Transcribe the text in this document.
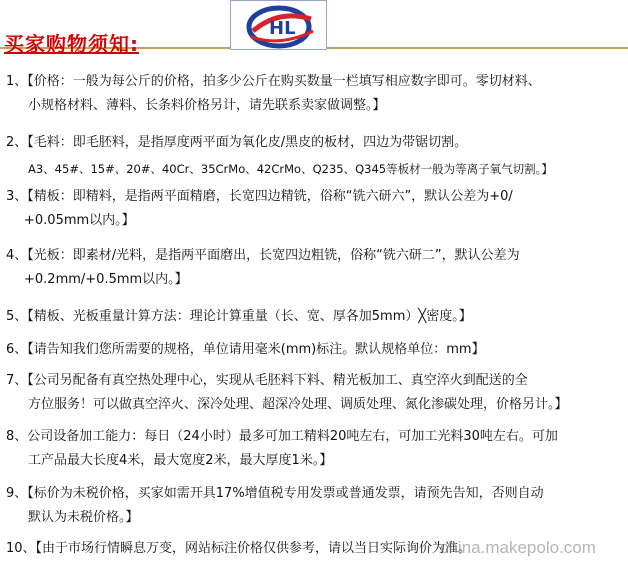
买家购物须知:
HL
1、【价格：一般为每公斤的价格，拍多少公斤在购买数量一栏填写相应数字即可。零切材料、
小规格材料、薄料、长条料价格另计，请先联系卖家做调整。】
2、【毛料：即毛胚料，是指厚度两平面为氧化皮/黑皮的板材，四边为带锯切割。
A3、45#、15#、20#、40Cr、35CrMo、42CrMo、Q235、Q345等板材一般为等离子氧气切割。】
3、【精板：即精料，是指两平面精磨，长宽四边精铣，俗称“铣六研六”，默认公差为+0/
+0.05mm以内。】
4、【光板：即素材/光料，是指两平面磨出，长宽四边粗铣，俗称“铣六研二”，默认公差为
+0.2mm/+0.5mm以内。】
5、【精板、光板重量计算方法：理论计算重量（长、宽、厚各加5mm）╳密度。】
6、【请告知我们您所需要的规格，单位请用毫米(mm)标注。默认规格单位：mm】
7、【公司另配备有真空热处理中心，实现从毛胚料下料、精光板加工、真空淬火到配送的全
方位服务！可以做真空淬火、深冷处理、超深冷处理、调质处理、氮化渗碳处理，价格另计。】
8、公司设备加工能力：每日（24小时）最多可加工精料20吨左右，可加工光料30吨左右。可加
工产品最大长度4米，最大宽度2米，最大厚度1米。】
9、【标价为未税价格，买家如需开具17%增值税专用发票或普通发票，请预先告知，否则自动
默认为未税价格。】
10、【由于市场行情瞬息万变，网站标注价格仅供参考，请以当日实际询价为准。
china.makepolo.com
